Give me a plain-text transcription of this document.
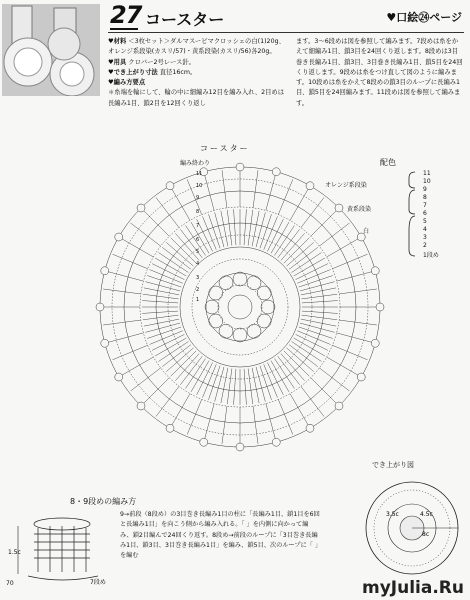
27 コースター	♥口絵㉔ページ

♥材料 ＜3枚セット＞ダルマスーピマクロッシェの白(1)20g、オレンジ系段染(カスリ/57)・黄系段染(カスリ/56)各20g。

♥用具 クロバー2号レース針。

♥でき上がり寸法 直径16cm。

♥編み方要点

＊糸端を輪にして、輪の中に細編み12目を編み入れ、2目めは長編み1目、鎖2目を12回くり返し

ます。3～6段めは図を参照して編みます。7段めは糸をかえて細編み1目、鎖3目を24回くり返します。8段めは3目巻き長編み1目、鎖3目、3目巻き長編み1目、鎖5目を24回くり返します。9段めは糸をつけ直して図のように編みます。10段めは糸をかえて8段めの鎖3目のループに長編み1目、鎖5目を24回編みます。11段めは図を参照して編みます。

コースター
編み終わり
11
10
9
8
7
6
5
4
3
2
1
配色
オレンジ系段染
黄系段染
白
11
10
9
8
7
6
5
4
3
2
1段め
でき上がり図
3.5c	4.5c
8c
8・9段めの編み方
1.5c
7段め

9→前段（8段め）の3目巻き長編み1目の柱に「長編み1目、鎖1目を6回と長編み1目」を向こう側から編み入れる。「 」を内側に向かって編み、鎖2目編んで24回くり返す。8段め→前段のループに「3目巻き長編み1目、鎖3目、3目巻き長編み1目」を編み、鎖5目、次のループに「 」を編む

70	myJulia.Ru
